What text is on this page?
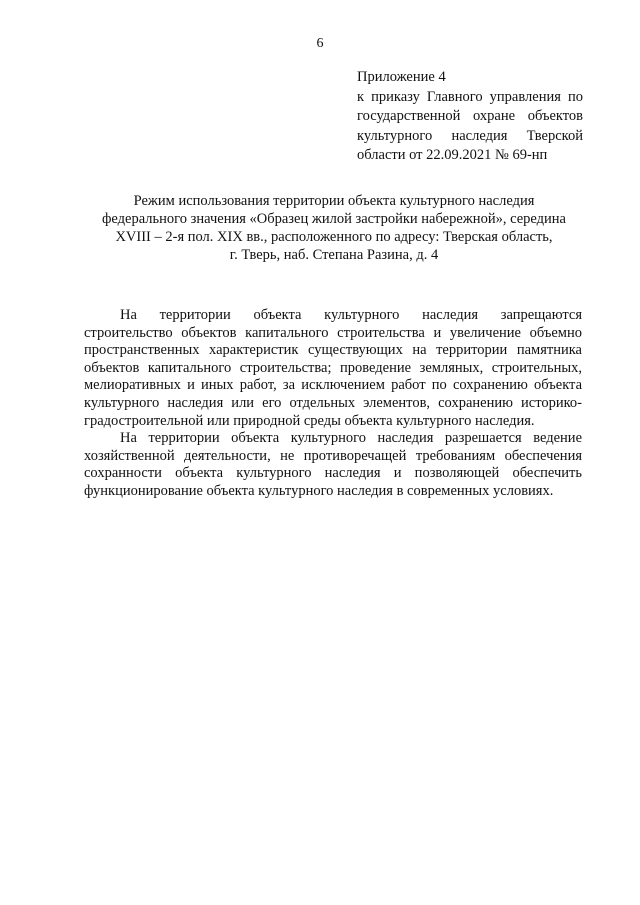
6
Приложение 4
к приказу Главного управления по
государственной охране объектов
культурного наследия Тверской
области от 22.09.2021 № 69-нп
Режим использования территории объекта культурного наследия
федерального значения «Образец жилой застройки набережной», середина
XVIII – 2-я пол. XIX вв., расположенного по адресу: Тверская область,
г. Тверь, наб. Степана Разина, д. 4
На территории объекта культурного наследия запрещаются
строительство объектов капитального строительства и увеличение объемно
пространственных характеристик существующих на территории памятника
объектов капитального строительства; проведение земляных, строительных,
мелиоративных и иных работ, за исключением работ по сохранению объекта
культурного наследия или его отдельных элементов, сохранению историко-
градостроительной или природной среды объекта культурного наследия.
На территории объекта культурного наследия разрешается ведение
хозяйственной деятельности, не противоречащей требованиям обеспечения
сохранности объекта культурного наследия и позволяющей обеспечить
функционирование объекта культурного наследия в современных условиях.
